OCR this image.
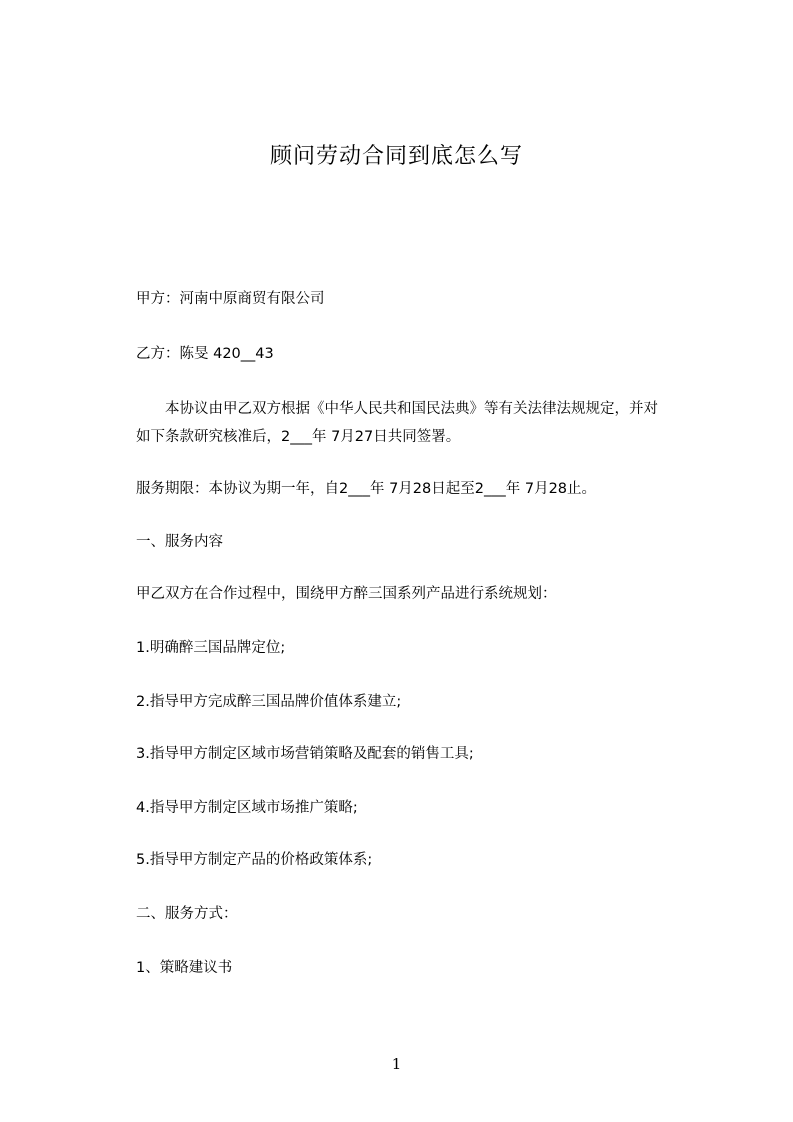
顾问劳动合同到底怎么写

甲方：河南中原商贸有限公司

乙方：陈旻 420__43

本协议由甲乙双方根据《中华人民共和国民法典》等有关法律法规规定，并对如下条款研究核准后，2___年 7月27日共同签署。

服务期限：本协议为期一年，自2___年 7月28日起至2___年 7月28止。

一、服务内容

甲乙双方在合作过程中，围绕甲方醉三国系列产品进行系统规划：

1.明确醉三国品牌定位;

2.指导甲方完成醉三国品牌价值体系建立;

3.指导甲方制定区域市场营销策略及配套的销售工具;

4.指导甲方制定区域市场推广策略;

5.指导甲方制定产品的价格政策体系;

二、服务方式：

1、策略建议书

1
